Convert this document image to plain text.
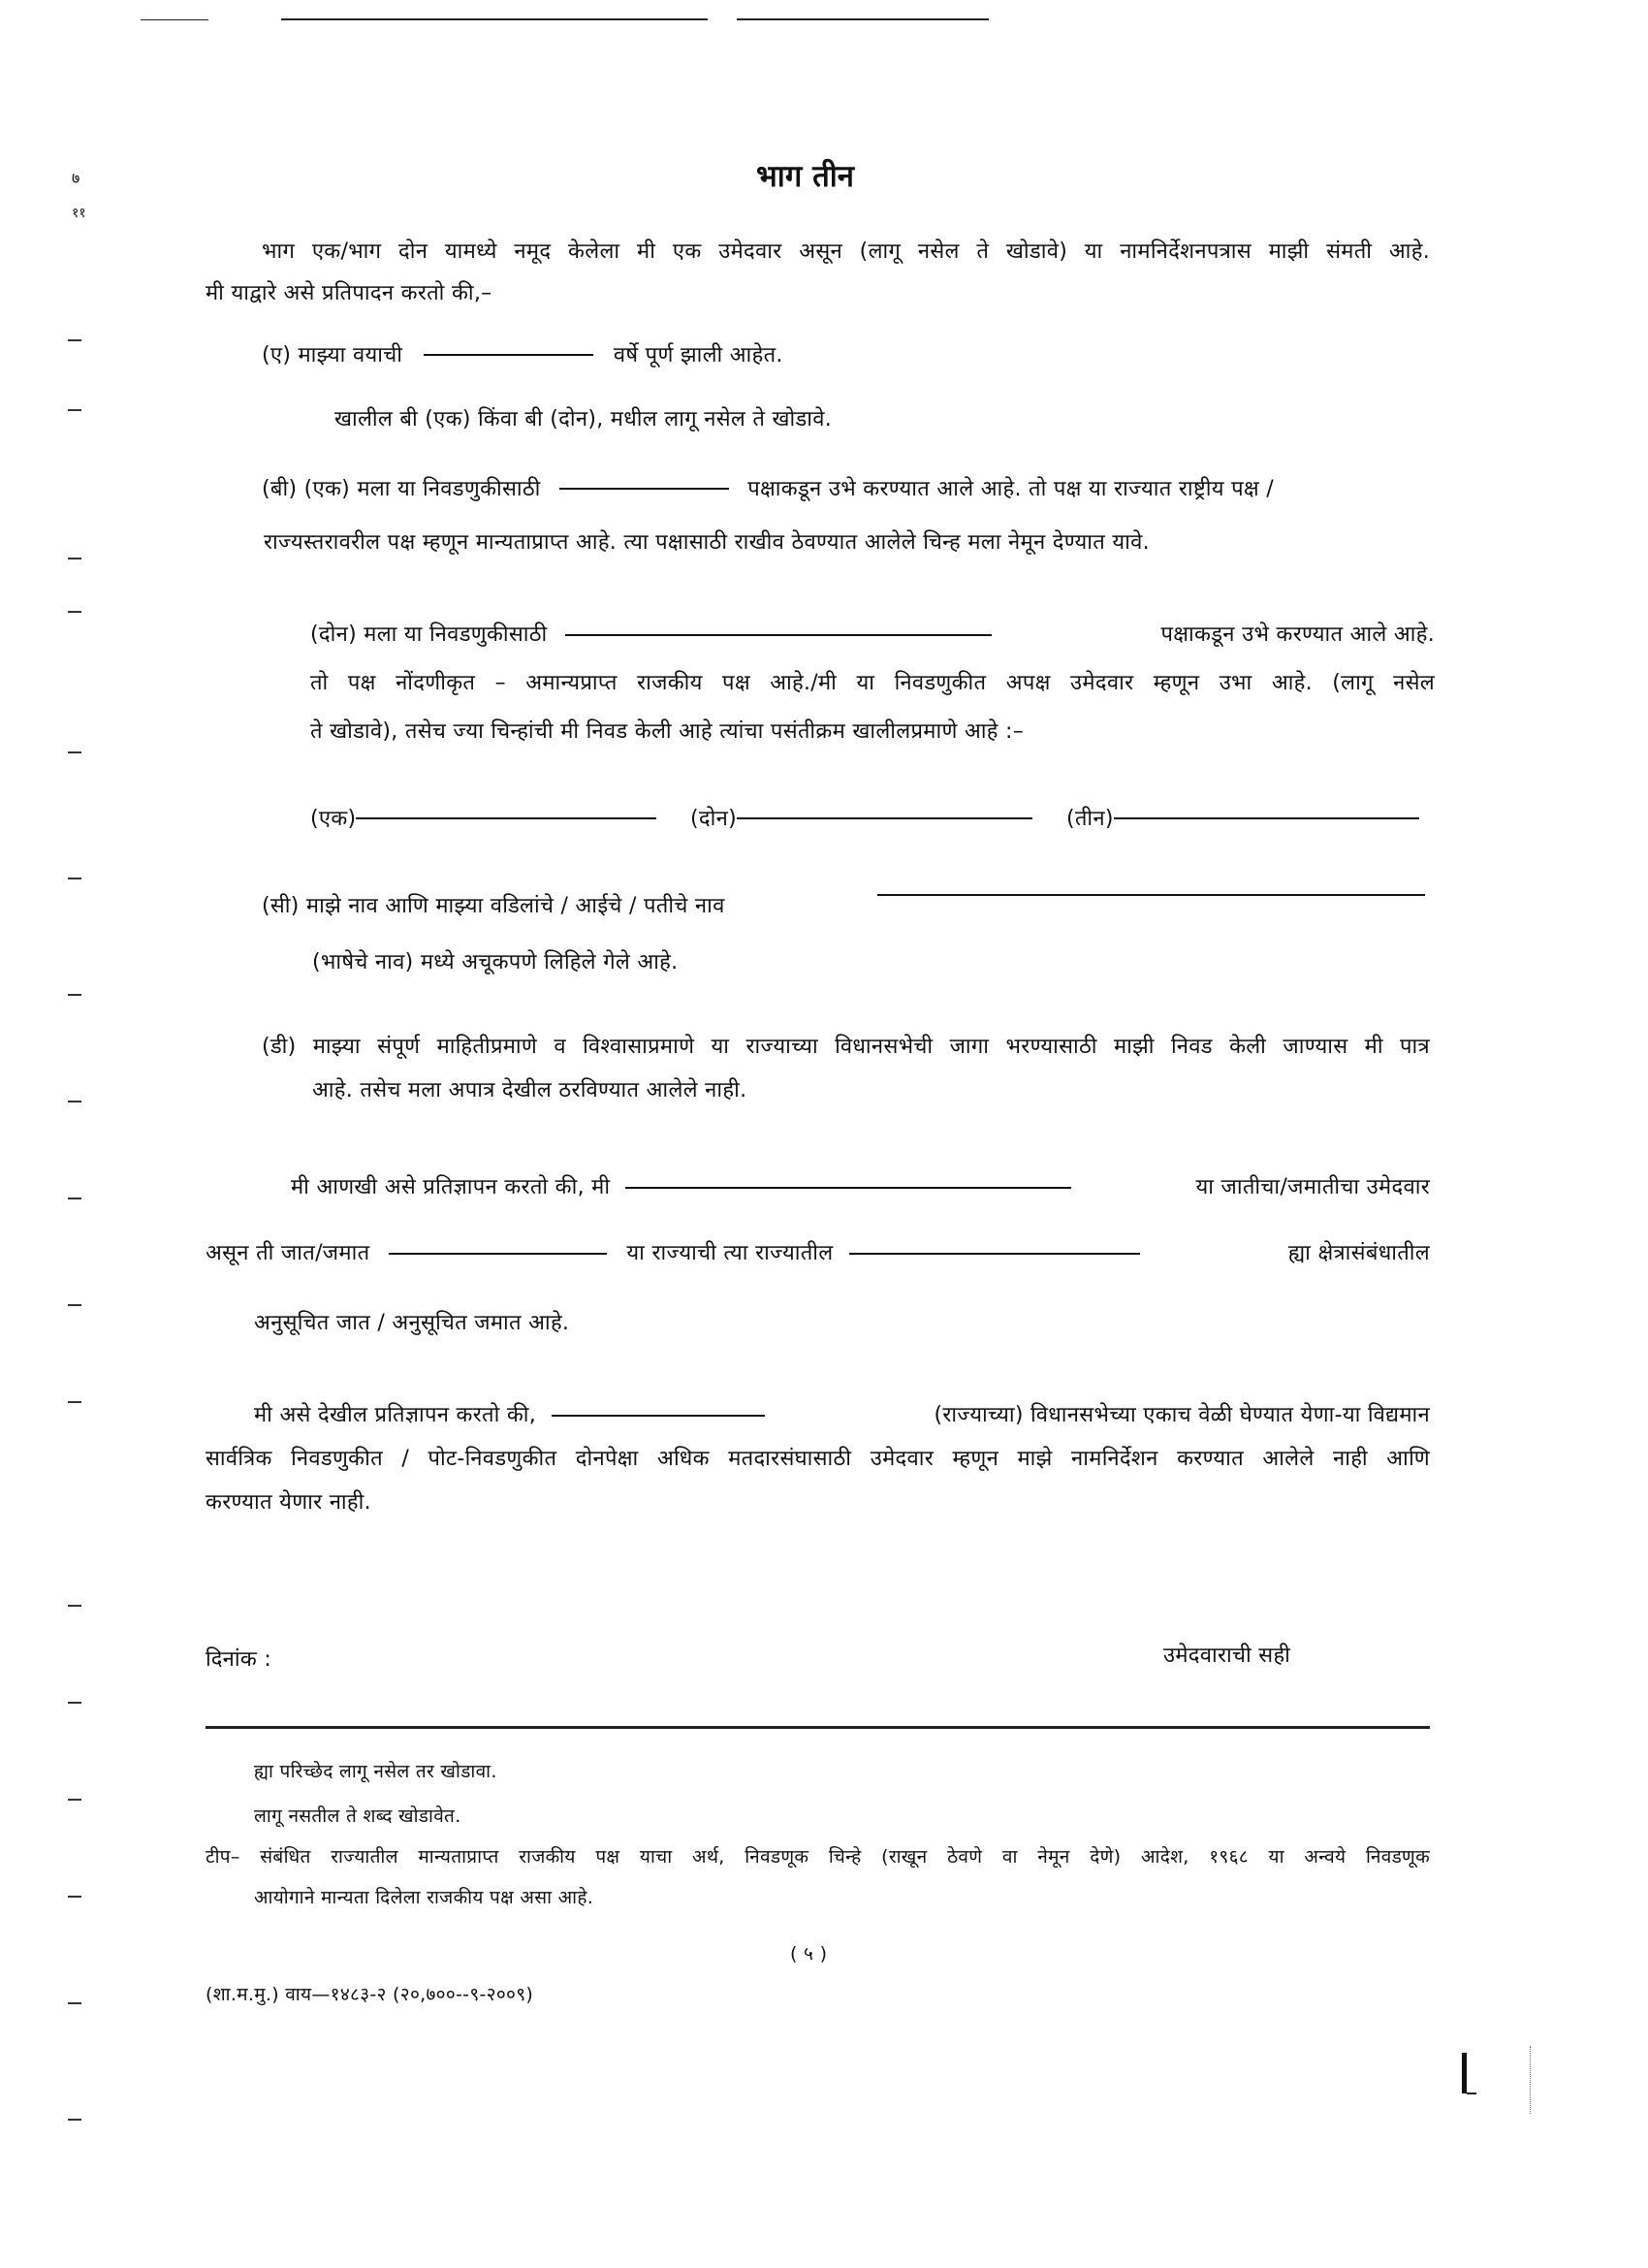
७
११
भाग तीन
भाग एक/भाग दोन यामध्ये नमूद केलेला मी एक उमेदवार असून (लागू नसेल ते खोडावे) या नामनिर्देशनपत्रास माझी संमती आहे.
मी याद्वारे असे प्रतिपादन करतो की,–
(ए) माझ्या वयाची	वर्षे पूर्ण झाली आहेत.
खालील बी (एक) किंवा बी (दोन), मधील लागू नसेल ते खोडावे.
(बी) (एक) मला या निवडणुकीसाठी	पक्षाकडून उभे करण्यात आले आहे. तो पक्ष या राज्यात राष्ट्रीय पक्ष /
राज्यस्तरावरील पक्ष म्हणून मान्यताप्राप्त आहे. त्या पक्षासाठी राखीव ठेवण्यात आलेले चिन्ह मला नेमून देण्यात यावे.
(दोन) मला या निवडणुकीसाठी	पक्षाकडून उभे करण्यात आले आहे.
तो पक्ष नोंदणीकृत – अमान्यप्राप्त राजकीय पक्ष आहे./मी या निवडणुकीत अपक्ष उमेदवार म्हणून उभा आहे. (लागू नसेल
ते खोडावे), तसेच ज्या चिन्हांची मी निवड केली आहे त्यांचा पसंतीक्रम खालीलप्रमाणे आहे :–
(एक)	(दोन)	(तीन)
(सी) माझे नाव आणि माझ्या वडिलांचे / आईचे / पतीचे नाव
(भाषेचे नाव) मध्ये अचूकपणे लिहिले गेले आहे.
(डी) माझ्या संपूर्ण माहितीप्रमाणे व विश्वासाप्रमाणे या राज्याच्या विधानसभेची जागा भरण्यासाठी माझी निवड केली जाण्यास मी पात्र
आहे. तसेच मला अपात्र देखील ठरविण्यात आलेले नाही.
मी आणखी असे प्रतिज्ञापन करतो की, मी	या जातीचा/जमातीचा उमेदवार
असून ती जात/जमात	या राज्याची त्या राज्यातील	ह्या क्षेत्रासंबंधातील
अनुसूचित जात / अनुसूचित जमात आहे.
मी असे देखील प्रतिज्ञापन करतो की,	(राज्याच्या) विधानसभेच्या एकाच वेळी घेण्यात येणा-या विद्यमान
सार्वत्रिक निवडणुकीत / पोट-निवडणुकीत दोनपेक्षा अधिक मतदारसंघासाठी उमेदवार म्हणून माझे नामनिर्देशन करण्यात आलेले नाही आणि
करण्यात येणार नाही.
दिनांक :	उमेदवाराची सही
ह्या परिच्छेद लागू नसेल तर खोडावा.
लागू नसतील ते शब्द खोडावेत.
टीप– संबंधित राज्यातील मान्यताप्राप्त राजकीय पक्ष याचा अर्थ, निवडणूक चिन्हे (राखून ठेवणे वा नेमून देणे) आदेश, १९६८ या अन्वये निवडणूक
आयोगाने मान्यता दिलेला राजकीय पक्ष असा आहे.
( ५ )
(शा.म.मु.) वाय—१४८३-२ (२०,७००--९-२००९)
